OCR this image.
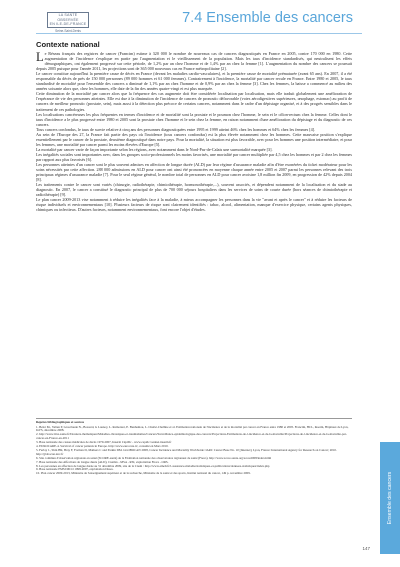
LA SANTÉ OBSERVÉE
EN ILE-DE-FRANCE
Seine-Saint-Denis
7.4 Ensemble des cancers
Contexte national

Le Réseau français des registres de cancer (Francim) estime à 320 000 le nombre de nouveaux cas de cancers diagnostiqués en France en 2005, contre 170 000 en 1980. Cette augmentation de l'incidence s'explique en partie par l'augmentation et le vieillissement de la population. Mais les taux d'incidence standardisés, qui neutralisent les effets démographiques, ont également progressé sur cette période, de 1,2% par an chez l'homme et de 1,4% par an chez la femme [1]. L'augmentation du nombre des cancers se poursuit depuis 2005 puisque pour l'année 2011, les projections sont de 365 000 nouveaux cas en France métropolitaine [2].

Le cancer constitue aujourd'hui la première cause de décès en France (devant les maladies cardio-vasculaires), et la première cause de mortalité prématurée (avant 65 ans). En 2007, il a été responsable du décès de près de 150 000 personnes (89 000 hommes et 61 000 femmes). Contrairement à l'incidence, la mortalité par cancer recule en France. Entre 1980 et 2005, le taux standardisé de mortalité pour l'ensemble des cancers a diminué de 1,1% par an chez l'homme et de 0,9% par an chez la femme [3]. Chez les femmes, la baisse a commencé au milieu des années soixante alors que, chez les hommes, elle date de la fin des années quatre-vingt et est plus marquée.

Cette diminution de la mortalité par cancer alors que la fréquence des cas augmente doit être considérée localisation par localisation, mais elle traduit globalement une amélioration de l'espérance de vie des personnes atteintes. Elle est due à la diminution de l'incidence de cancers de pronostic défavorable (voies aérodigestives supérieures, œsophage, estomac) au profit de cancers de meilleur pronostic (prostate, sein), mais aussi à la détection plus précoce de certains cancers, notamment dans le cadre d'un dépistage organisé, et à des progrès sensibles dans le traitement de ces pathologies.

Les localisations cancéreuses les plus fréquentes en termes d'incidence et de mortalité sont la prostate et le poumon chez l'homme, le sein et le côlon-rectum chez la femme. Celles dont le taux d'incidence a le plus progressé entre 1980 et 2005 sont la prostate chez l'homme et le sein chez la femme, en raison notamment d'une amélioration du dépistage et du diagnostic de ces cancers.

Tous cancers confondus, le taux de survie relative à cinq ans des personnes diagnostiquées entre 1995 et 1999 atteint 46% chez les hommes et 64% chez les femmes [4].

Au sein de l'Europe des 27, la France fait partie des pays où l'incidence (tous cancers confondus) est la plus élevée notamment chez les hommes. Cette mauvaise position s'explique essentiellement par le cancer de la prostate, deuxième diagnostiqué dans notre pays. Pour la mortalité, la situation est plus favorable, avec pour les hommes une position intermédiaire, et pour les femmes, une mortalité par cancer parmi les moins élevées d'Europe [5].

La mortalité par cancer varie de façon importante selon les régions, avec notamment dans le Nord-Pas-de-Calais une surmortalité marquée [3].

Les inégalités sociales sont importantes avec, dans les groupes socio-professionnels les moins favorisés, une mortalité par cancer multipliée par 4,5 chez les hommes et par 2 chez les femmes par rapport aux plus favorisés [6].

Les personnes atteintes d'un cancer sont le plus souvent admises en affection de longue durée (ALD) par leur régime d'assurance maladie afin d'être exonérées du ticket modérateur pour les soins nécessités par cette affection. 288 000 admissions en ALD pour cancer ont ainsi été prononcées en moyenne chaque année entre 2005 et 2007 parmi les personnes relevant des trois principaux régimes d'assurance maladie [7]. Pour le seul régime général, le nombre total de personnes en ALD pour cancer avoisine 1,8 million fin 2009, en progression de 42% depuis 2004 [8].

Les traitements contre le cancer sont variés (chirurgie, radiothérapie, chimiothérapie, hormonothérapie,...), souvent associés, et dépendent notamment de la localisation et du stade au diagnostic. En 2007, le cancer a constitué le diagnostic principal de plus de 700 000 séjours hospitaliers dans les services de soins de courte durée (hors séances de chimiothérapie et radiothérapie) [9].

Le plan cancer 2009-2013 vise notamment à réduire les inégalités face à la maladie, à mieux accompagner les personnes dans la vie "avant et après le cancer" et à réduire les facteurs de risque individuels et environnementaux [10]. Plusieurs facteurs de risque sont clairement identifiés : tabac, alcool, alimentation, manque d'exercice physique, certains agents physiques, chimiques ou infectieux. D'autres facteurs, notamment environnementaux, font encore l'objet d'études.

Repères bibliographiques et sources

1. Belot M., Velten P, Grosclaude N., Bossard, G Launoy, L. Remontet, E. Benhamou, L. Chérié-Challine et al. Estimation nationale de l'incidence et de la mortalité par cancer en France entre 1980 et 2005. Francim, HCL, Inserm, Hôpitaux de Lyon, InVS, décembre 2008.

2. http://www.invs.sante.fr/Dossiers-thematiques/Maladies-chroniques-et-traumatismes/Cancers/Surveillance-epidemiologique-des-cancers/Projections-Estimations-de-l-incidence-et-de-la-mortalite/Projections-de-l-incidence-et-de-la-mortalite-par-cancer-en-France-en-2011

3. Base nationale des causes médicales de décès 1979-2007, Inserm CépiDc - www.cepidc.vesinet.inserm.fr

4. EUROCARE-4. Survival of cancer patients in Europe. http://www.eurocare.it/, consulté en Mars 2010.

5. Ferlay J., Shin HR, Bray F, Forman D, Mathers C and Parkin DM. GLOBOCAN 2008, Cancer Incidence and Mortality Worldwide: IARC Cancer Base No. 10 [Internet]. Lyon, France: International Agency for Research on Cancer; 2010. http://globocan.iarc.fr

6. Site commun d'observation régionale en santé (SCORE-santé) de la Fédération nationale des observatoires régionaux de santé (Fnors). http://www.score-sante.org/score2008/index.html

7. Base nationale des Affections de longue durée (ALD), Cnamts - MSA - RSI, exploitation Fnors - ORS.

8. Les personnes en affection de longue durée au 31 décembre 2009, site de la Cnam : http://www.ameli.fr/l-assurance-maladie/statistiques-et-publications/donnees-statistiques/index.php

9. Base nationale PMSI MCO 1998-2007, exploitation Drees.

10. Plan cancer 2009-2013, Ministère de l'enseignement supérieur et de la recherche, Ministère de la santé et des sports, Institut national du cancer, 149 p. novembre 2009.	Ensemble des cancers
147
